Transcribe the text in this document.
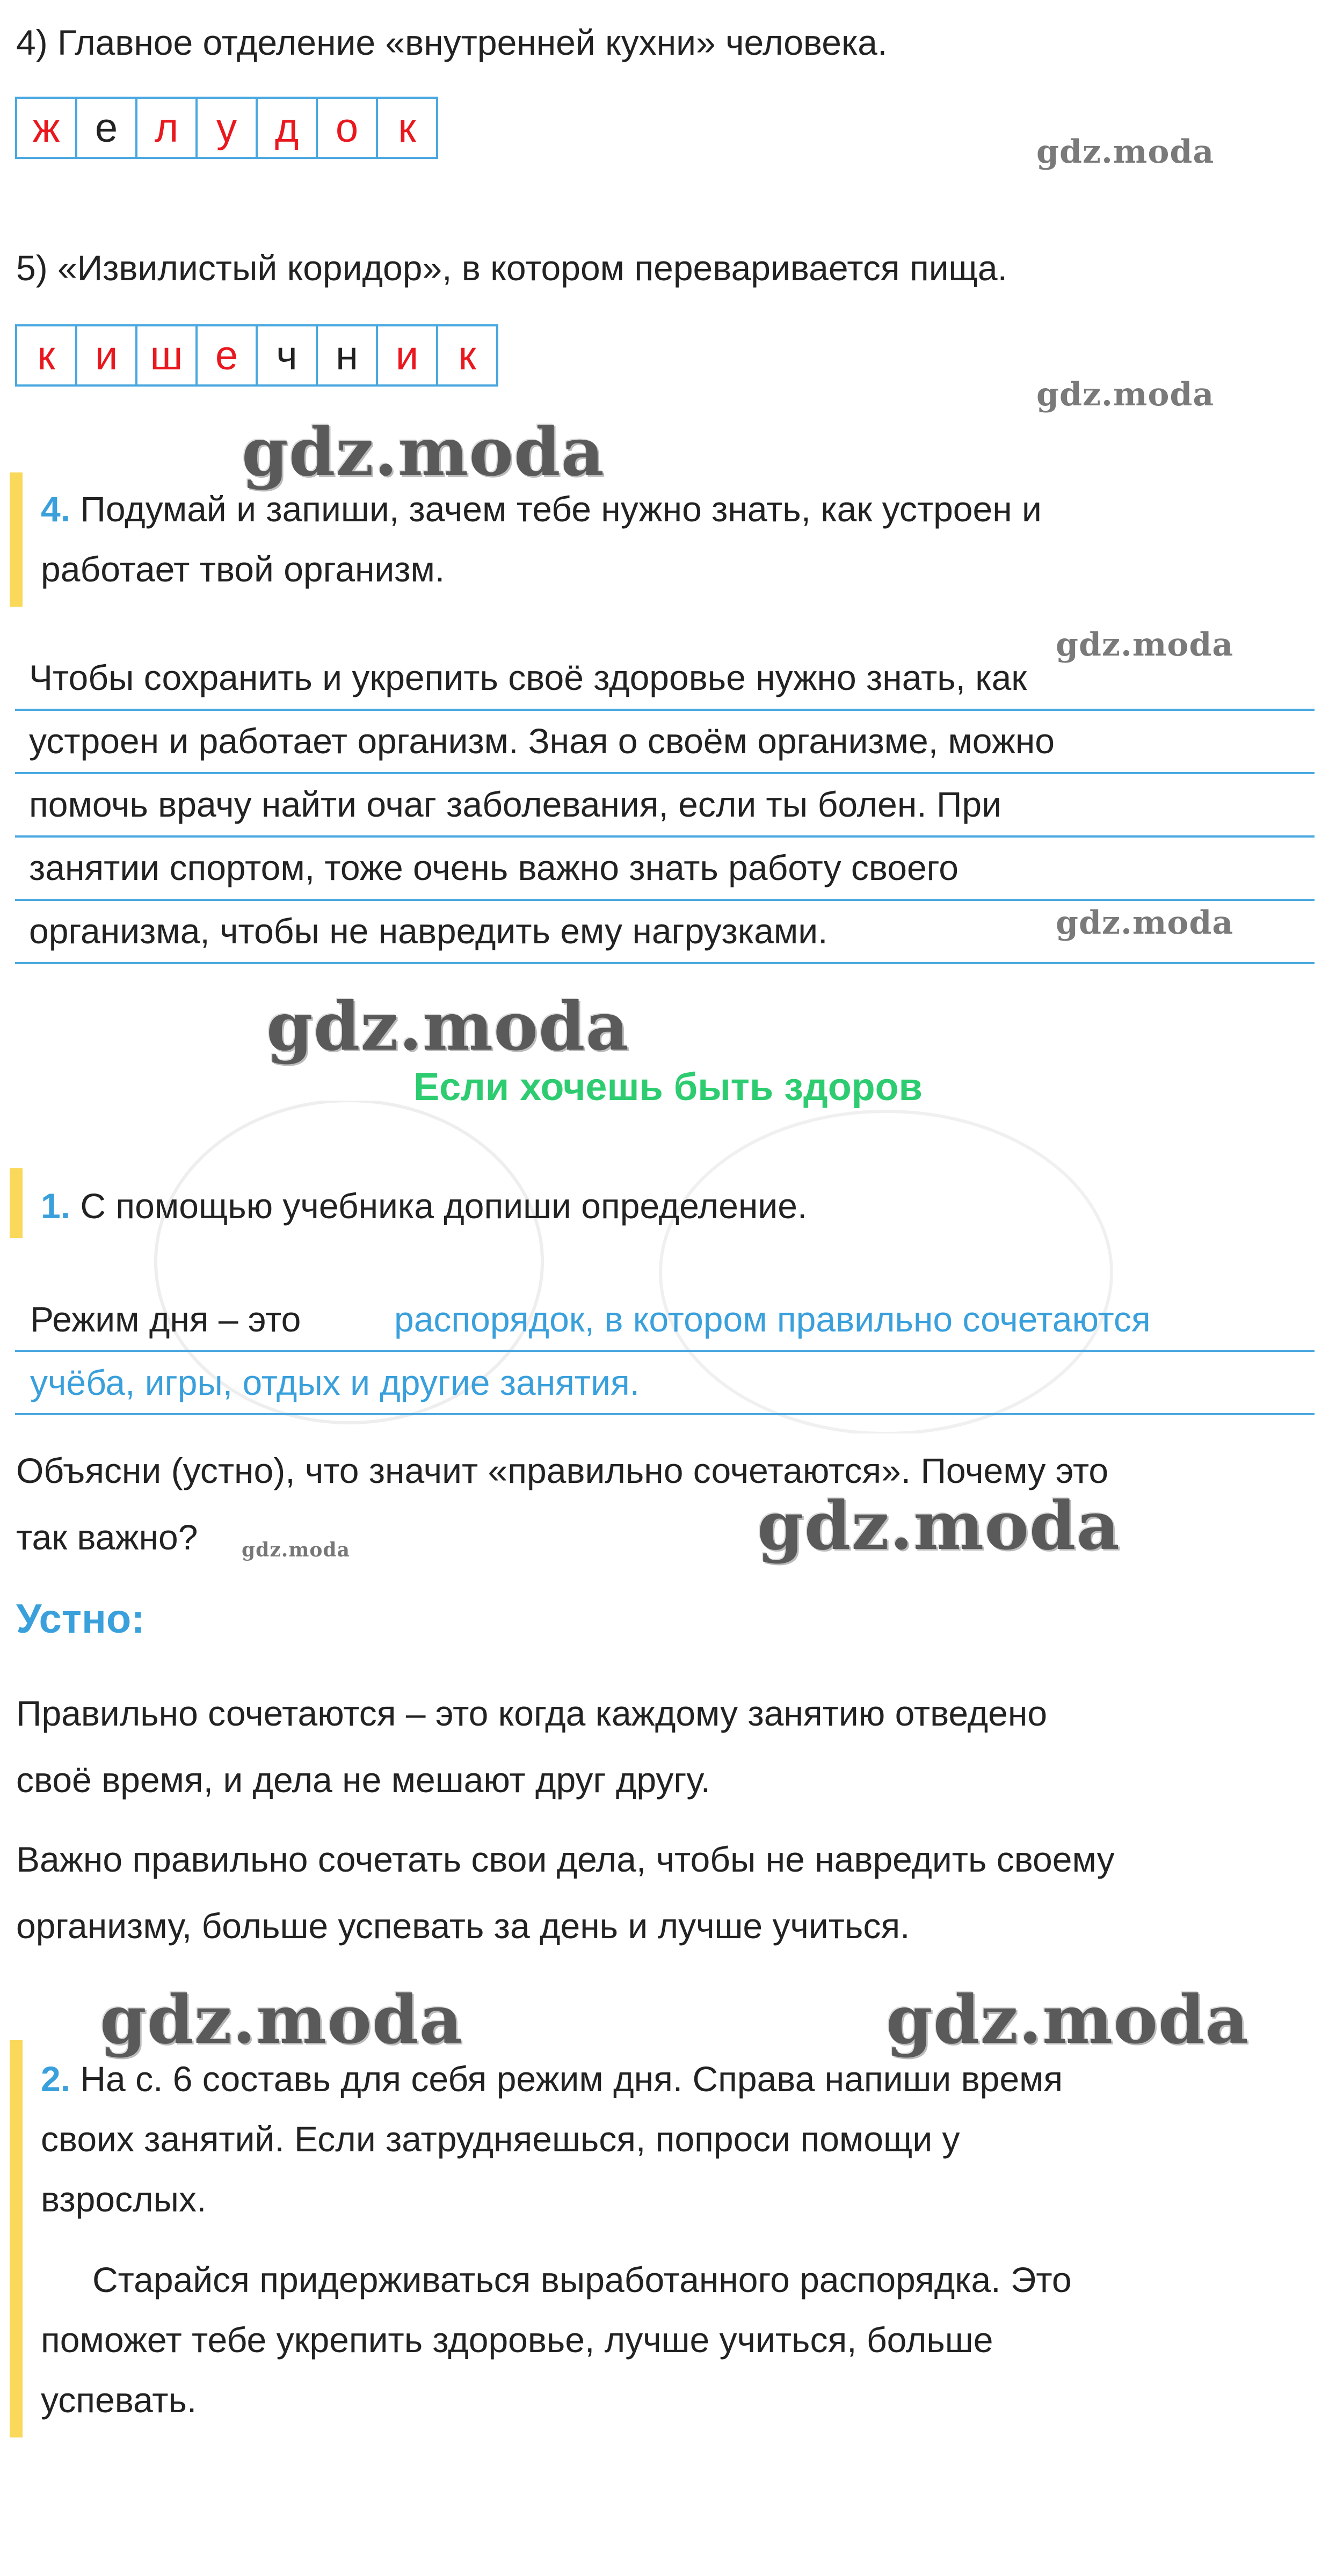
4) Главное отделение «внутренней кухни» человека.
ж е л у д о к
gdz.moda
5) «Извилистый коридор», в котором переваривается пища.
к и ш е ч н и к
gdz.moda
gdz.moda
4. Подумай и запиши, зачем тебе нужно знать, как устроен и
работает твой организм.
gdz.moda
Чтобы сохранить и укрепить своё здоровье нужно знать, как
устроен и работает организм. Зная о своём организме, можно
помочь врачу найти очаг заболевания, если ты болен. При
занятии спортом, тоже очень важно знать работу своего
организма, чтобы не навредить ему нагрузками.	gdz.moda
gdz.moda
Если хочешь быть здоров
1. С помощью учебника допиши определение.
Режим дня – это	распорядок, в котором правильно сочетаются
учёба, игры, отдых и другие занятия.
Объясни (устно), что значит «правильно сочетаются». Почему это
так важно? gdz.moda	gdz.moda
Устно:
Правильно сочетаются – это когда каждому занятию отведено
своё время, и дела не мешают друг другу.
Важно правильно сочетать свои дела, чтобы не навредить своему
организму, больше успевать за день и лучше учиться.
gdz.moda	gdz.moda
2. На с. 6 составь для себя режим дня. Справа напиши время
своих занятий. Если затрудняешься, попроси помощи у
взрослых.
Старайся придерживаться выработанного распорядка. Это
поможет тебе укрепить здоровье, лучше учиться, больше
успевать.
